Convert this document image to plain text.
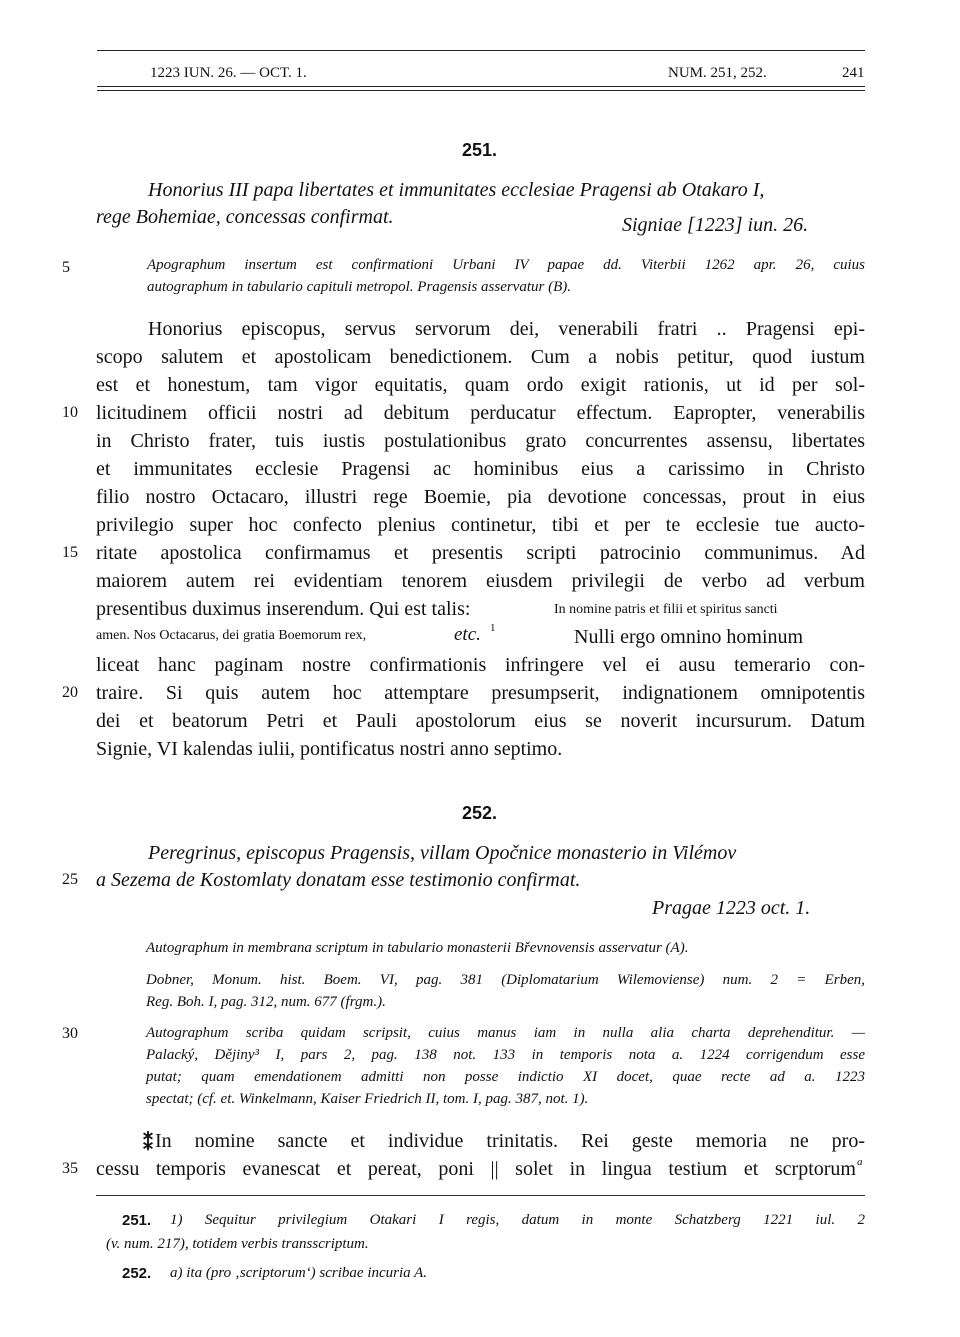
1223 IUN. 26. — OCT. 1.	NUM. 251, 252.	241
251.
Honorius III papa libertates et immunitates ecclesiae Pragensi ab Otakaro I,
rege Bohemiae, concessas confirmat.	Signiae [1223] iun. 26.
Apographum insertum est confirmationi Urbani IV papae dd. Viterbii 1262 apr. 26, cuius
autographum in tabulario capituli metropol. Pragensis asservatur (B).
Honorius episcopus, servus servorum dei, venerabili fratri .. Pragensi epi-
scopo salutem et apostolicam benedictionem. Cum a nobis petitur, quod iustum
est et honestum, tam vigor equitatis, quam ordo exigit rationis, ut id per sol-
licitudinem officii nostri ad debitum perducatur effectum. Eapropter, venerabilis
in Christo frater, tuis iustis postulationibus grato concurrentes assensu, libertates
et immunitates ecclesie Pragensi ac hominibus eius a carissimo in Christo
filio nostro Octacaro, illustri rege Boemie, pia devotione concessas, prout in eius
privilegio super hoc confecto plenius continetur, tibi et per te ecclesie tue aucto-
ritate apostolica confirmamus et presentis scripti patrocinio communimus. Ad
maiorem autem rei evidentiam tenorem eiusdem privilegii de verbo ad verbum
presentibus duximus inserendum. Qui est talis:	In nomine patris et filii et spiritus sancti
amen. Nos Octacarus, dei gratia Boemorum rex,	etc. 1	Nulli ergo omnino hominum
liceat hanc paginam nostre confirmationis infringere vel ei ausu temerario con-
traire. Si quis autem hoc attemptare presumpserit, indignationem omnipotentis
dei et beatorum Petri et Pauli apostolorum eius se noverit incursurum. Datum
Signie, VI kalendas iulii, pontificatus nostri anno septimo.
252.
Peregrinus, episcopus Pragensis, villam Opočnice monasterio in Vilémov
a Sezema de Kostomlaty donatam esse testimonio confirmat.
Pragae 1223 oct. 1.
Autographum in membrana scriptum in tabulario monasterii Břevnovensis asservatur (A).
Dobner, Monum. hist. Boem. VI, pag. 381 (Diplomatarium Wilemoviense) num. 2 = Erben,
Reg. Boh. I, pag. 312, num. 677 (frgm.).
Autographum scriba quidam scripsit, cuius manus iam in nulla alia charta deprehenditur. —
Palacký, Dějiny³ I, pars 2, pag. 138 not. 133 in temporis nota a. 1224 corrigendum esse
putat; quam emendationem admitti non posse indictio XI docet, quae recte ad a. 1223
spectat; (cf. et. Winkelmann, Kaiser Friedrich II, tom. I, pag. 387, not. 1).
⁑ In nomine sancte et individue trinitatis. Rei geste memoria ne pro-
cessu temporis evanescat et pereat, poni || solet in lingua testium et scrptorum a
251. 1) Sequitur privilegium Otakari I regis, datum in monte Schatzberg 1221 iul. 2
(v. num. 217), totidem verbis transscriptum.
252. a) ita (pro ‚scriptorum‘) scribae incuria A.
5
10
15
20
25
30
35
